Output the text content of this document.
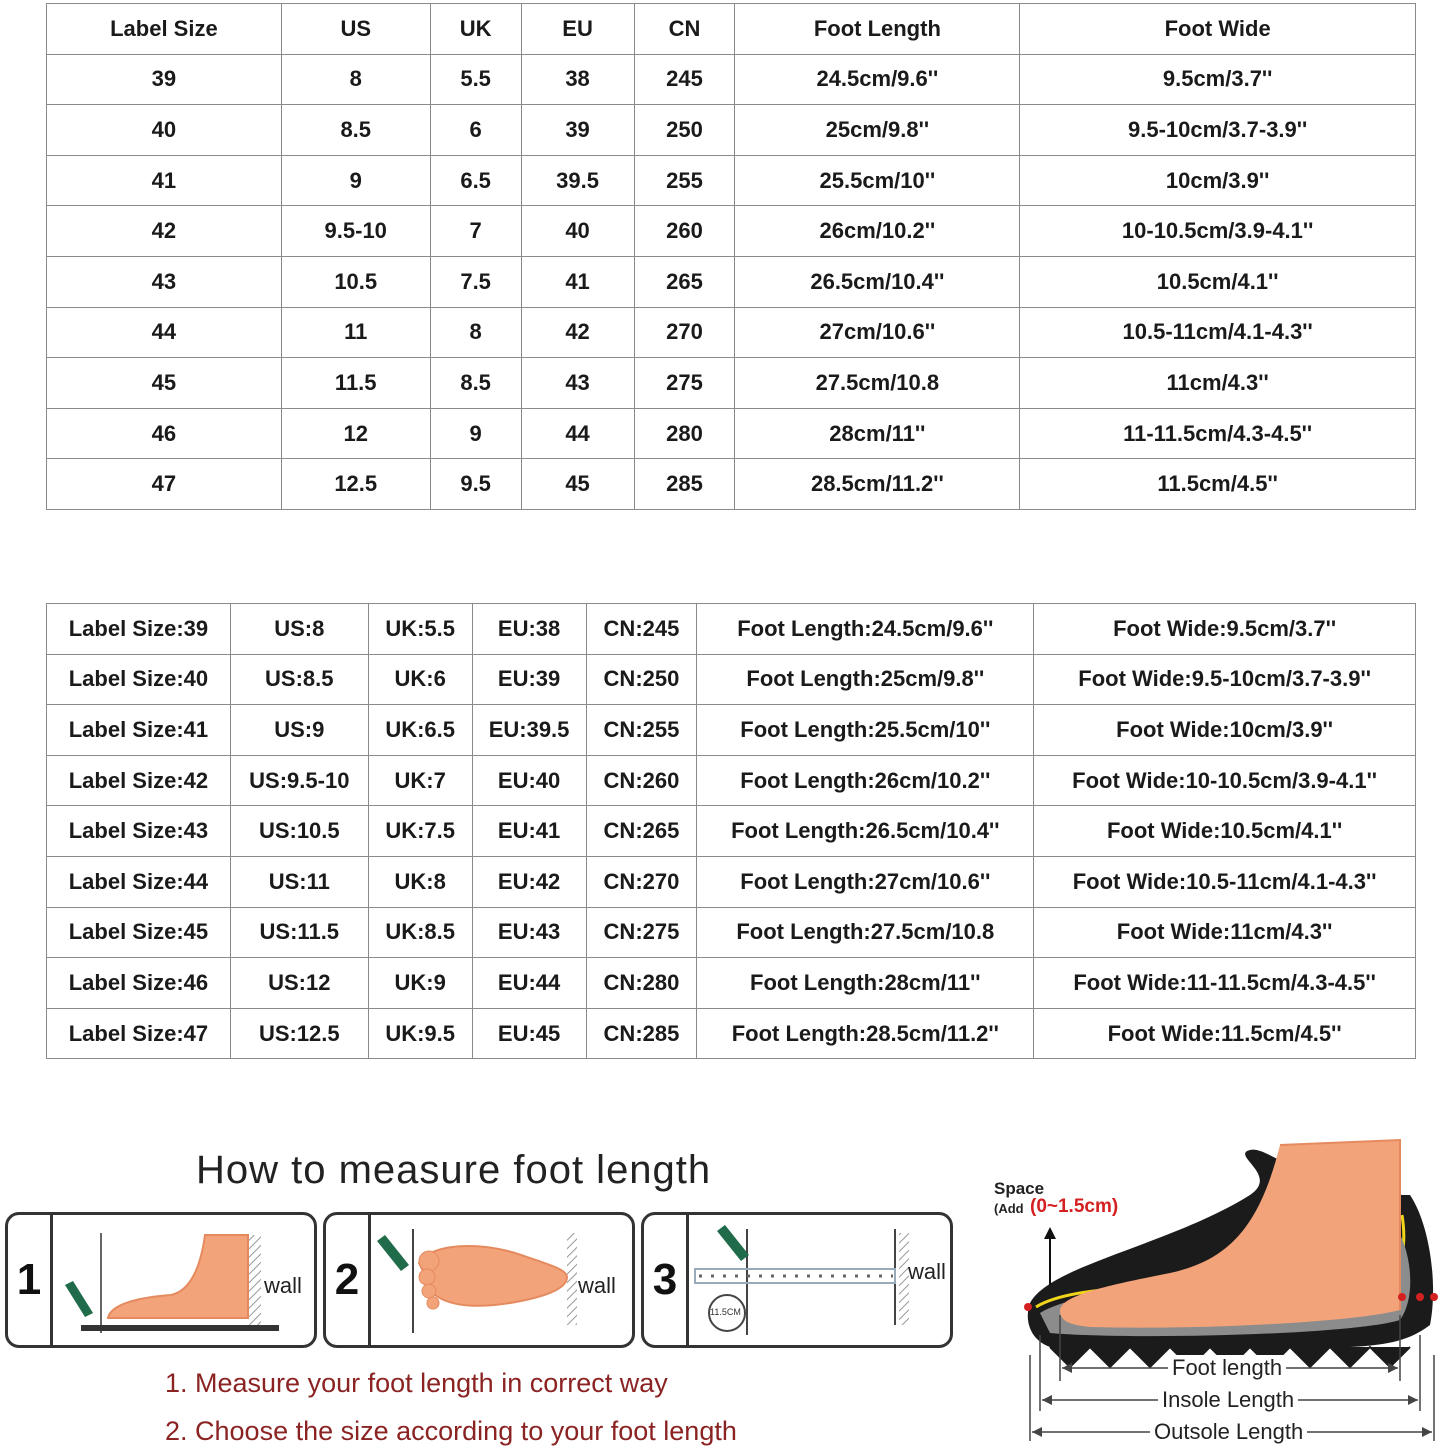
Label Size	US	UK	EU	CN	Foot Length	Foot Wide
39	8	5.5	38	245	24.5cm/9.6''	9.5cm/3.7''
40	8.5	6	39	250	25cm/9.8''	9.5-10cm/3.7-3.9''
41	9	6.5	39.5	255	25.5cm/10''	10cm/3.9''
42	9.5-10	7	40	260	26cm/10.2''	10-10.5cm/3.9-4.1''
43	10.5	7.5	41	265	26.5cm/10.4''	10.5cm/4.1''
44	11	8	42	270	27cm/10.6''	10.5-11cm/4.1-4.3''
45	11.5	8.5	43	275	27.5cm/10.8	11cm/4.3''
46	12	9	44	280	28cm/11''	11-11.5cm/4.3-4.5''
47	12.5	9.5	45	285	28.5cm/11.2''	11.5cm/4.5''
Label Size:39	US:8	UK:5.5	EU:38	CN:245	Foot Length:24.5cm/9.6''	Foot Wide:9.5cm/3.7''
Label Size:40	US:8.5	UK:6	EU:39	CN:250	Foot Length:25cm/9.8''	Foot Wide:9.5-10cm/3.7-3.9''
Label Size:41	US:9	UK:6.5	EU:39.5	CN:255	Foot Length:25.5cm/10''	Foot Wide:10cm/3.9''
Label Size:42	US:9.5-10	UK:7	EU:40	CN:260	Foot Length:26cm/10.2''	Foot Wide:10-10.5cm/3.9-4.1''
Label Size:43	US:10.5	UK:7.5	EU:41	CN:265	Foot Length:26.5cm/10.4''	Foot Wide:10.5cm/4.1''
Label Size:44	US:11	UK:8	EU:42	CN:270	Foot Length:27cm/10.6''	Foot Wide:10.5-11cm/4.1-4.3''
Label Size:45	US:11.5	UK:8.5	EU:43	CN:275	Foot Length:27.5cm/10.8	Foot Wide:11cm/4.3''
Label Size:46	US:12	UK:9	EU:44	CN:280	Foot Length:28cm/11''	Foot Wide:11-11.5cm/4.3-4.5''
Label Size:47	US:12.5	UK:9.5	EU:45	CN:285	Foot Length:28.5cm/11.2''	Foot Wide:11.5cm/4.5''
How to measure foot length
1	wall 2	wall 3	wall
11.5CM
1. Measure your foot length in correct way
2. Choose the size according to your foot length
Space
(Add (0~1.5cm)
Foot length
Insole Length
Outsole Length
